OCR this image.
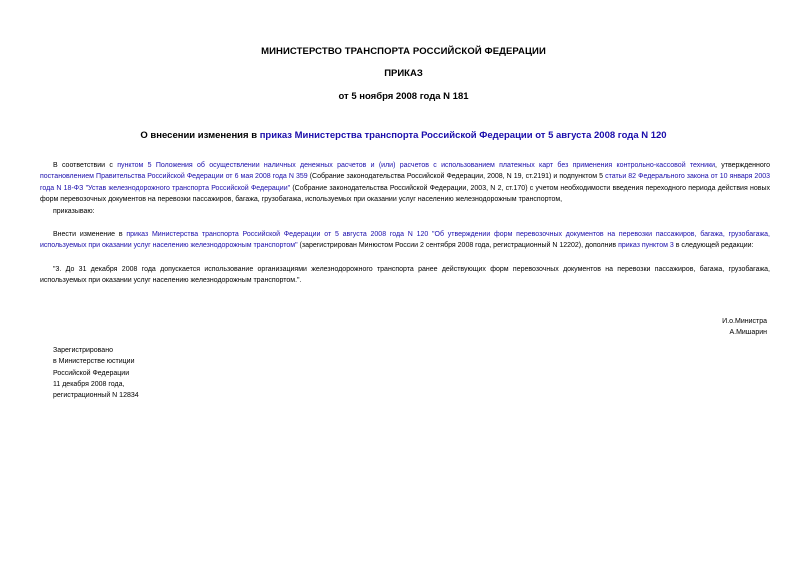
МИНИСТЕРСТВО ТРАНСПОРТА РОССИЙСКОЙ ФЕДЕРАЦИИ
ПРИКАЗ
от 5 ноября 2008 года N 181
О внесении изменения в приказ Министерства транспорта Российской Федерации от 5 августа 2008 года N 120
В соответствии с пунктом 5 Положения об осуществлении наличных денежных расчетов и (или) расчетов с использованием платежных карт без применения контрольно-кассовой техники, утвержденного постановлением Правительства Российской Федерации от 6 мая 2008 года N 359 (Собрание законодательства Российской Федерации, 2008, N 19, ст.2191) и подпунктом 5 статьи 82 Федерального закона от 10 января 2003 года N 18-ФЗ "Устав железнодорожного транспорта Российской Федерации" (Собрание законодательства Российской Федерации, 2003, N 2, ст.170) с учетом необходимости введения переходного периода действия новых форм перевозочных документов на перевозки пассажиров, багажа, грузобагажа, используемых при оказании услуг населению железнодорожным транспортом,
приказываю:
Внести изменение в приказ Министерства транспорта Российской Федерации от 5 августа 2008 года N 120 "Об утверждении форм перевозочных документов на перевозки пассажиров, багажа, грузобагажа, используемых при оказании услуг населению железнодорожным транспортом" (зарегистрирован Минюстом России 2 сентября 2008 года, регистрационный N 12202), дополнив приказ пунктом 3 в следующей редакции:
"3. До 31 декабря 2008 года допускается использование организациями железнодорожного транспорта ранее действующих форм перевозочных документов на перевозки пассажиров, багажа, грузобагажа, используемых при оказании услуг населению железнодорожным транспортом.".
И.о.Министра
А.Мишарин
Зарегистрировано
в Министерстве юстиции
Российской Федерации
11 декабря 2008 года,
регистрационный N 12834
